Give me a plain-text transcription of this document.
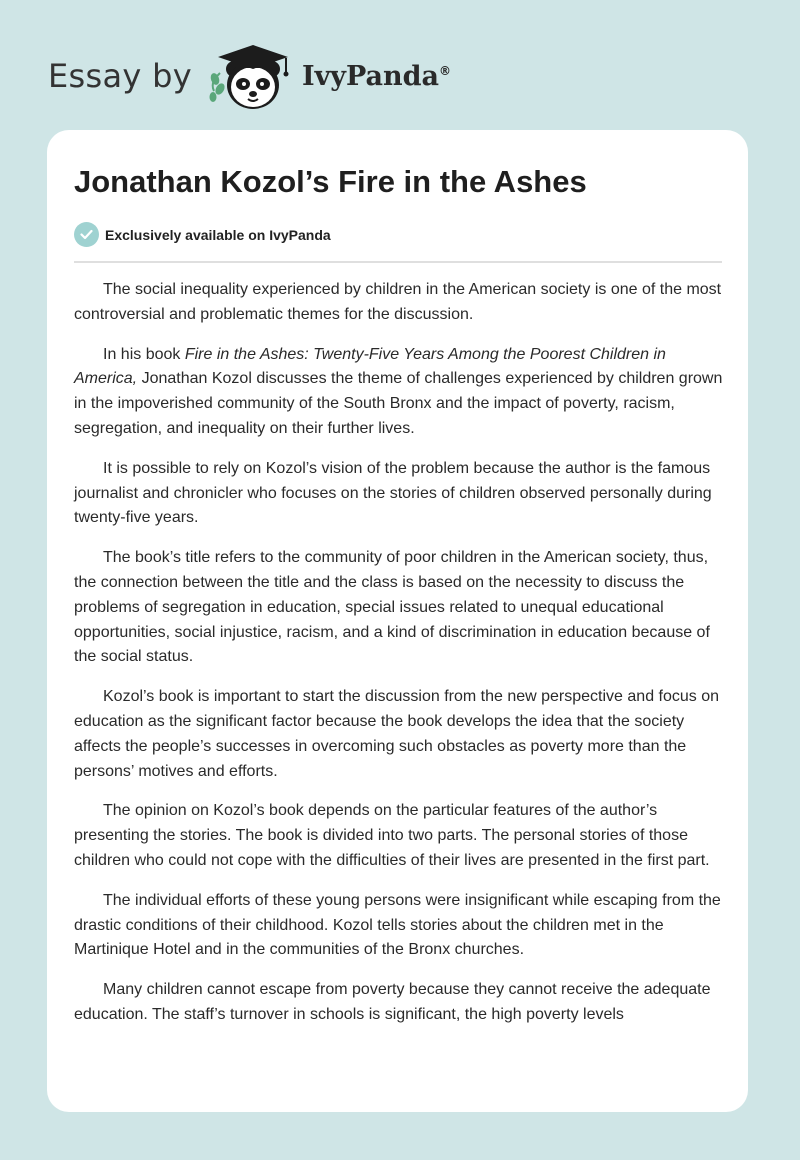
Essay by	IvyPanda®
Jonathan Kozol’s Fire in the Ashes
Exclusively available on IvyPanda

The social inequality experienced by children in the American society is one of the most controversial and problematic themes for the discussion.

In his book Fire in the Ashes: Twenty-Five Years Among the Poorest Children in America, Jonathan Kozol discusses the theme of challenges experienced by children grown in the impoverished community of the South Bronx and the impact of poverty, racism, segregation, and inequality on their further lives.

It is possible to rely on Kozol’s vision of the problem because the author is the famous journalist and chronicler who focuses on the stories of children observed personally during twenty-five years.

The book’s title refers to the community of poor children in the American society, thus, the connection between the title and the class is based on the necessity to discuss the problems of segregation in education, special issues related to unequal educational opportunities, social injustice, racism, and a kind of discrimination in education because of the social status.

Kozol’s book is important to start the discussion from the new perspective and focus on education as the significant factor because the book develops the idea that the society affects the people’s successes in overcoming such obstacles as poverty more than the persons’ motives and efforts.

The opinion on Kozol’s book depends on the particular features of the author’s presenting the stories. The book is divided into two parts. The personal stories of those children who could not cope with the difficulties of their lives are presented in the first part.

The individual efforts of these young persons were insignificant while escaping from the drastic conditions of their childhood. Kozol tells stories about the children met in the Martinique Hotel and in the communities of the Bronx churches.

Many children cannot escape from poverty because they cannot receive the adequate education. The staff’s turnover in schools is significant, the high poverty levels
